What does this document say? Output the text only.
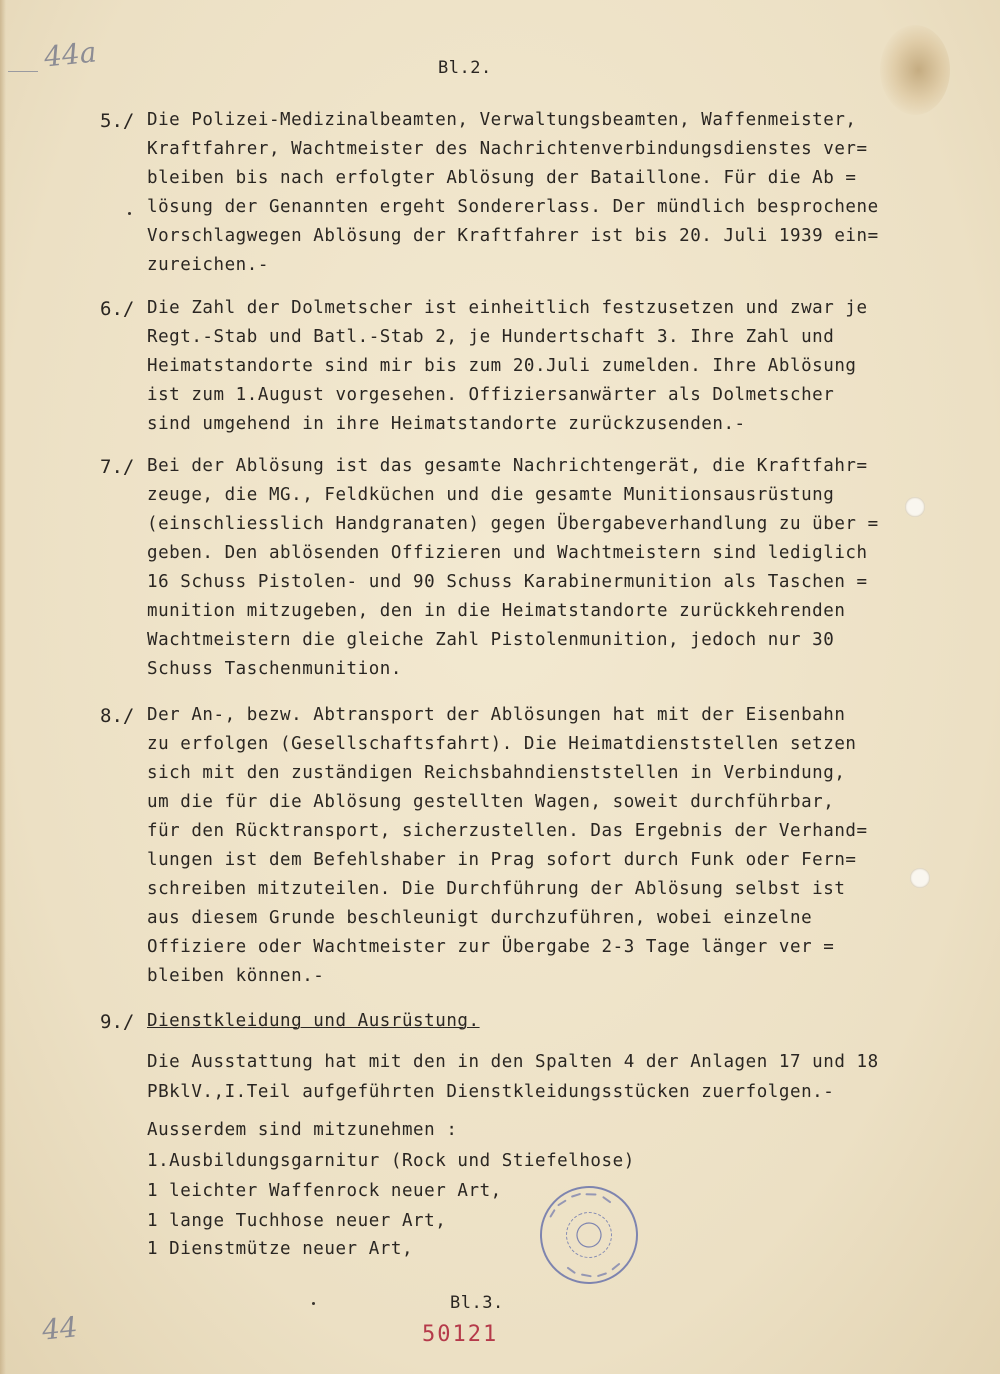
44a
44
Bl.2.
5./ Die Polizei-Medizinalbeamten, Verwaltungsbeamten, Waffenmeister,
Kraftfahrer, Wachtmeister des Nachrichtenverbindungsdienstes ver=
bleiben bis nach erfolgter Ablösung der Bataillone. Für die Ab =
lösung der Genannten ergeht Sondererlass. Der mündlich besprochene
Vorschlagwegen Ablösung der Kraftfahrer ist bis 20. Juli 1939 ein=
zureichen.-
6./ Die Zahl der Dolmetscher ist einheitlich festzusetzen und zwar je
Regt.-Stab und Batl.-Stab 2, je Hundertschaft 3. Ihre Zahl und
Heimatstandorte sind mir bis zum 20.Juli zumelden. Ihre Ablösung
ist zum 1.August vorgesehen. Offiziersanwärter als Dolmetscher
sind umgehend in ihre Heimatstandorte zurückzusenden.-
7./ Bei der Ablösung ist das gesamte Nachrichtengerät, die Kraftfahr=
zeuge, die MG., Feldküchen und die gesamte Munitionsausrüstung
(einschliesslich Handgranaten) gegen Übergabeverhandlung zu über =
geben. Den ablösenden Offizieren und Wachtmeistern sind lediglich
16 Schuss Pistolen- und 90 Schuss Karabinermunition als Taschen =
munition mitzugeben, den in die Heimatstandorte zurückkehrenden
Wachtmeistern die gleiche Zahl Pistolenmunition, jedoch nur 30
Schuss Taschenmunition.
8./ Der An-, bezw. Abtransport der Ablösungen hat mit der Eisenbahn
zu erfolgen (Gesellschaftsfahrt). Die Heimatdienststellen setzen
sich mit den zuständigen Reichsbahndienststellen in Verbindung,
um die für die Ablösung gestellten Wagen, soweit durchführbar,
für den Rücktransport, sicherzustellen. Das Ergebnis der Verhand=
lungen ist dem Befehlshaber in Prag sofort durch Funk oder Fern=
schreiben mitzuteilen. Die Durchführung der Ablösung selbst ist
aus diesem Grunde beschleunigt durchzuführen, wobei einzelne
Offiziere oder Wachtmeister zur Übergabe 2-3 Tage länger ver =
bleiben können.-
9./ Dienstkleidung und Ausrüstung.
Die Ausstattung hat mit den in den Spalten 4 der Anlagen 17 und 18
PBklV.,I.Teil aufgeführten Dienstkleidungsstücken zuerfolgen.-
Ausserdem sind mitzunehmen :
1.Ausbildungsgarnitur (Rock und Stiefelhose)
1 leichter Waffenrock neuer Art,
1 lange Tuchhose neuer Art,
1 Dienstmütze neuer Art,
Bl.3.
50121
